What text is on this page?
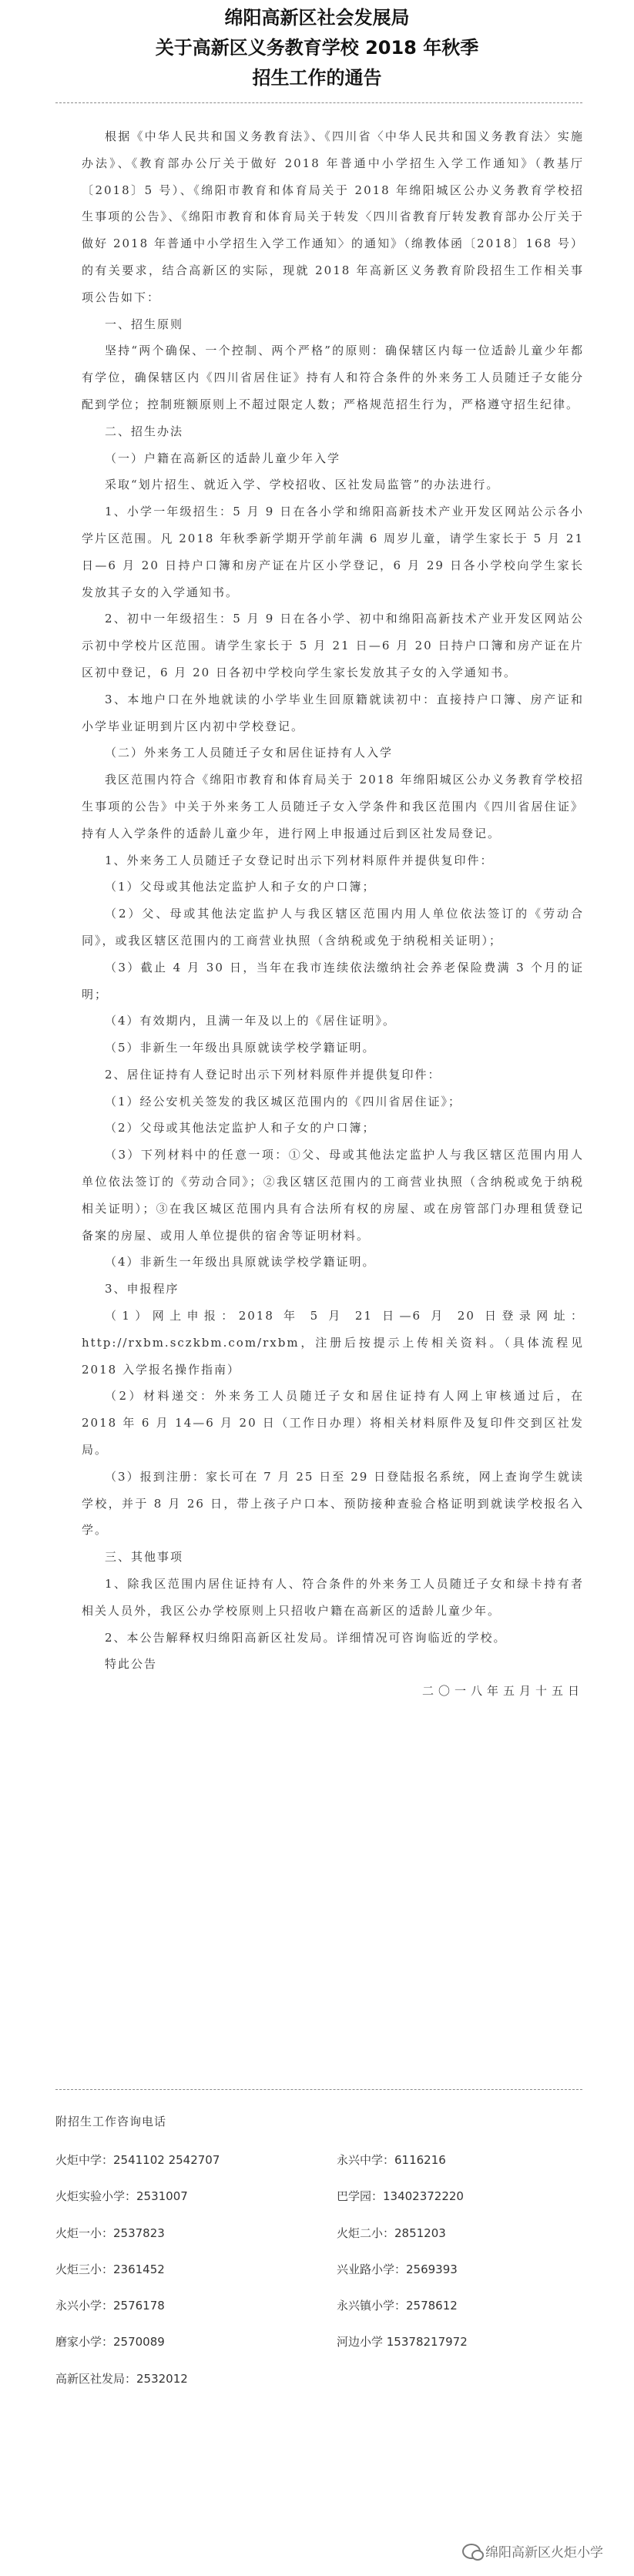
绵阳高新区社会发展局
关于高新区义务教育学校 2018 年秋季
招生工作的通告

根据《中华人民共和国义务教育法》、《四川省〈中华人民共和国义务教育法〉实施办法》、《教育部办公厅关于做好 2018 年普通中小学招生入学工作通知》（教基厅〔2018〕5 号）、《绵阳市教育和体育局关于 2018 年绵阳城区公办义务教育学校招生事项的公告》、《绵阳市教育和体育局关于转发〈四川省教育厅转发教育部办公厅关于做好 2018 年普通中小学招生入学工作通知〉的通知》（绵教体函〔2018〕168 号）的有关要求，结合高新区的实际，现就 2018 年高新区义务教育阶段招生工作相关事项公告如下：

一、招生原则

坚持“两个确保、一个控制、两个严格”的原则：确保辖区内每一位适龄儿童少年都有学位，确保辖区内《四川省居住证》持有人和符合条件的外来务工人员随迁子女能分配到学位；控制班额原则上不超过限定人数；严格规范招生行为，严格遵守招生纪律。

二、招生办法

（一）户籍在高新区的适龄儿童少年入学

采取“划片招生、就近入学、学校招收、区社发局监管”的办法进行。

1、小学一年级招生：5 月 9 日在各小学和绵阳高新技术产业开发区网站公示各小学片区范围。凡 2018 年秋季新学期开学前年满 6 周岁儿童，请学生家长于 5 月 21 日—6 月 20 日持户口簿和房产证在片区小学登记，6 月 29 日各小学校向学生家长发放其子女的入学通知书。

2、初中一年级招生：5 月 9 日在各小学、初中和绵阳高新技术产业开发区网站公示初中学校片区范围。请学生家长于 5 月 21 日—6 月 20 日持户口簿和房产证在片区初中登记，6 月 20 日各初中学校向学生家长发放其子女的入学通知书。

3、本地户口在外地就读的小学毕业生回原籍就读初中：直接持户口簿、房产证和小学毕业证明到片区内初中学校登记。

（二）外来务工人员随迁子女和居住证持有人入学

我区范围内符合《绵阳市教育和体育局关于 2018 年绵阳城区公办义务教育学校招生事项的公告》中关于外来务工人员随迁子女入学条件和我区范围内《四川省居住证》持有人入学条件的适龄儿童少年，进行网上申报通过后到区社发局登记。

1、外来务工人员随迁子女登记时出示下列材料原件并提供复印件：

（1）父母或其他法定监护人和子女的户口簿；

（2）父、母或其他法定监护人与我区辖区范围内用人单位依法签订的《劳动合同》，或我区辖区范围内的工商营业执照（含纳税或免于纳税相关证明）；

（3）截止 4 月 30 日，当年在我市连续依法缴纳社会养老保险费满 3 个月的证明；

（4）有效期内，且满一年及以上的《居住证明》。

（5）非新生一年级出具原就读学校学籍证明。

2、居住证持有人登记时出示下列材料原件并提供复印件：

（1）经公安机关签发的我区城区范围内的《四川省居住证》；

（2）父母或其他法定监护人和子女的户口簿；

（3）下列材料中的任意一项：①父、母或其他法定监护人与我区辖区范围内用人单位依法签订的《劳动合同》；②我区辖区范围内的工商营业执照（含纳税或免于纳税相关证明）；③在我区城区范围内具有合法所有权的房屋、或在房管部门办理租赁登记备案的房屋、或用人单位提供的宿舍等证明材料。

（4）非新生一年级出具原就读学校学籍证明。

3、申报程序

（1）网上申报：2018 年 5 月 21 日—6 月 20 日登录网址：http://rxbm.sczkbm.com/rxbm，注册后按提示上传相关资料。（具体流程见 2018 入学报名操作指南）

（2）材料递交：外来务工人员随迁子女和居住证持有人网上审核通过后，在 2018 年 6 月 14—6 月 20 日（工作日办理）将相关材料原件及复印件交到区社发局。

（3）报到注册：家长可在 7 月 25 日至 29 日登陆报名系统，网上查询学生就读学校，并于 8 月 26 日，带上孩子户口本、预防接种查验合格证明到就读学校报名入学。

三、其他事项

1、除我区范围内居住证持有人、符合条件的外来务工人员随迁子女和绿卡持有者相关人员外，我区公办学校原则上只招收户籍在高新区的适龄儿童少年。

2、本公告解释权归绵阳高新区社发局。详细情况可咨询临近的学校。

特此公告

二〇一八年五月十五日

附招生工作咨询电话
火炬中学：2541102 2542707	永兴中学：6116216
火炬实验小学：2531007	巴学园：13402372220
火炬一小：2537823	火炬二小：2851203
火炬三小：2361452	兴业路小学：2569393
永兴小学：2576178	永兴镇小学：2578612
磨家小学：2570089	河边小学 15378217972
高新区社发局：2532012
绵阳高新区火炬小学
